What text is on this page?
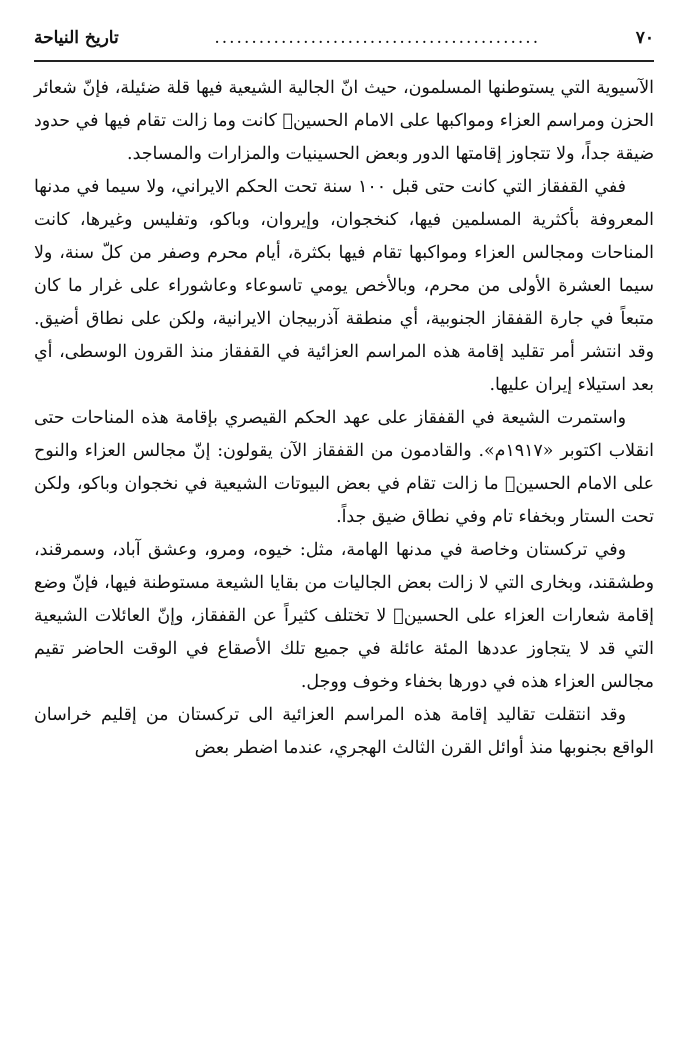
٧٠
............................................
تاريخ النياحة

الآسيوية التي يستوطنها المسلمون، حيث انّ الجالية الشيعية فيها قلة ضئيلة، فإنّ شعائر الحزن ومراسم العزاء ومواكبها على الامام الحسين﷣ كانت وما زالت تقام فيها في حدود ضيقة جداً، ولا تتجاوز إقامتها الدور وبعض الحسينيات والمزارات والمساجد.

ففي القفقاز التي كانت حتى قبل ١٠٠ سنة تحت الحكم الايراني، ولا سيما في مدنها المعروفة بأكثرية المسلمين فيها، كنخجوان، وإيروان، وباكو، وتفليس وغيرها، كانت المناحات ومجالس العزاء ومواكبها تقام فيها بكثرة، أيام محرم وصفر من كلّ سنة، ولا سيما العشرة الأولى من محرم، وبالأخص يومي تاسوعاء وعاشوراء على غرار ما كان متبعاً في جارة القفقاز الجنوبية، أي منطقة آذربيجان الايرانية، ولكن على نطاق أضيق. وقد انتشر أمر تقليد إقامة هذه المراسم العزائية في القفقاز منذ القرون الوسطى، أي بعد استيلاء إيران عليها.

واستمرت الشيعة في القفقاز على عهد الحكم القيصري بإقامة هذه المناحات حتى انقلاب اكتوبر «١٩١٧م». والقادمون من القفقاز الآن يقولون: إنّ مجالس العزاء والنوح على الامام الحسين﷣ ما زالت تقام في بعض البيوتات الشيعية في نخجوان وباكو، ولكن تحت الستار وبخفاء تام وفي نطاق ضيق جداً.

وفي تركستان وخاصة في مدنها الهامة، مثل: خيوه، ومرو، وعشق آباد، وسمرقند، وطشقند، وبخارى التي لا زالت بعض الجاليات من بقايا الشيعة مستوطنة فيها، فإنّ وضع إقامة شعارات العزاء على الحسين﷣ لا تختلف كثيراً عن القفقاز، وإنّ العائلات الشيعية التي قد لا يتجاوز عددها المئة عائلة في جميع تلك الأصقاع في الوقت الحاضر تقيم مجالس العزاء هذه في دورها بخفاء وخوف ووجل.

وقد انتقلت تقاليد إقامة هذه المراسم العزائية الى تركستان من إقليم خراسان الواقع بجنوبها منذ أوائل القرن الثالث الهجري، عندما اضطر بعض
